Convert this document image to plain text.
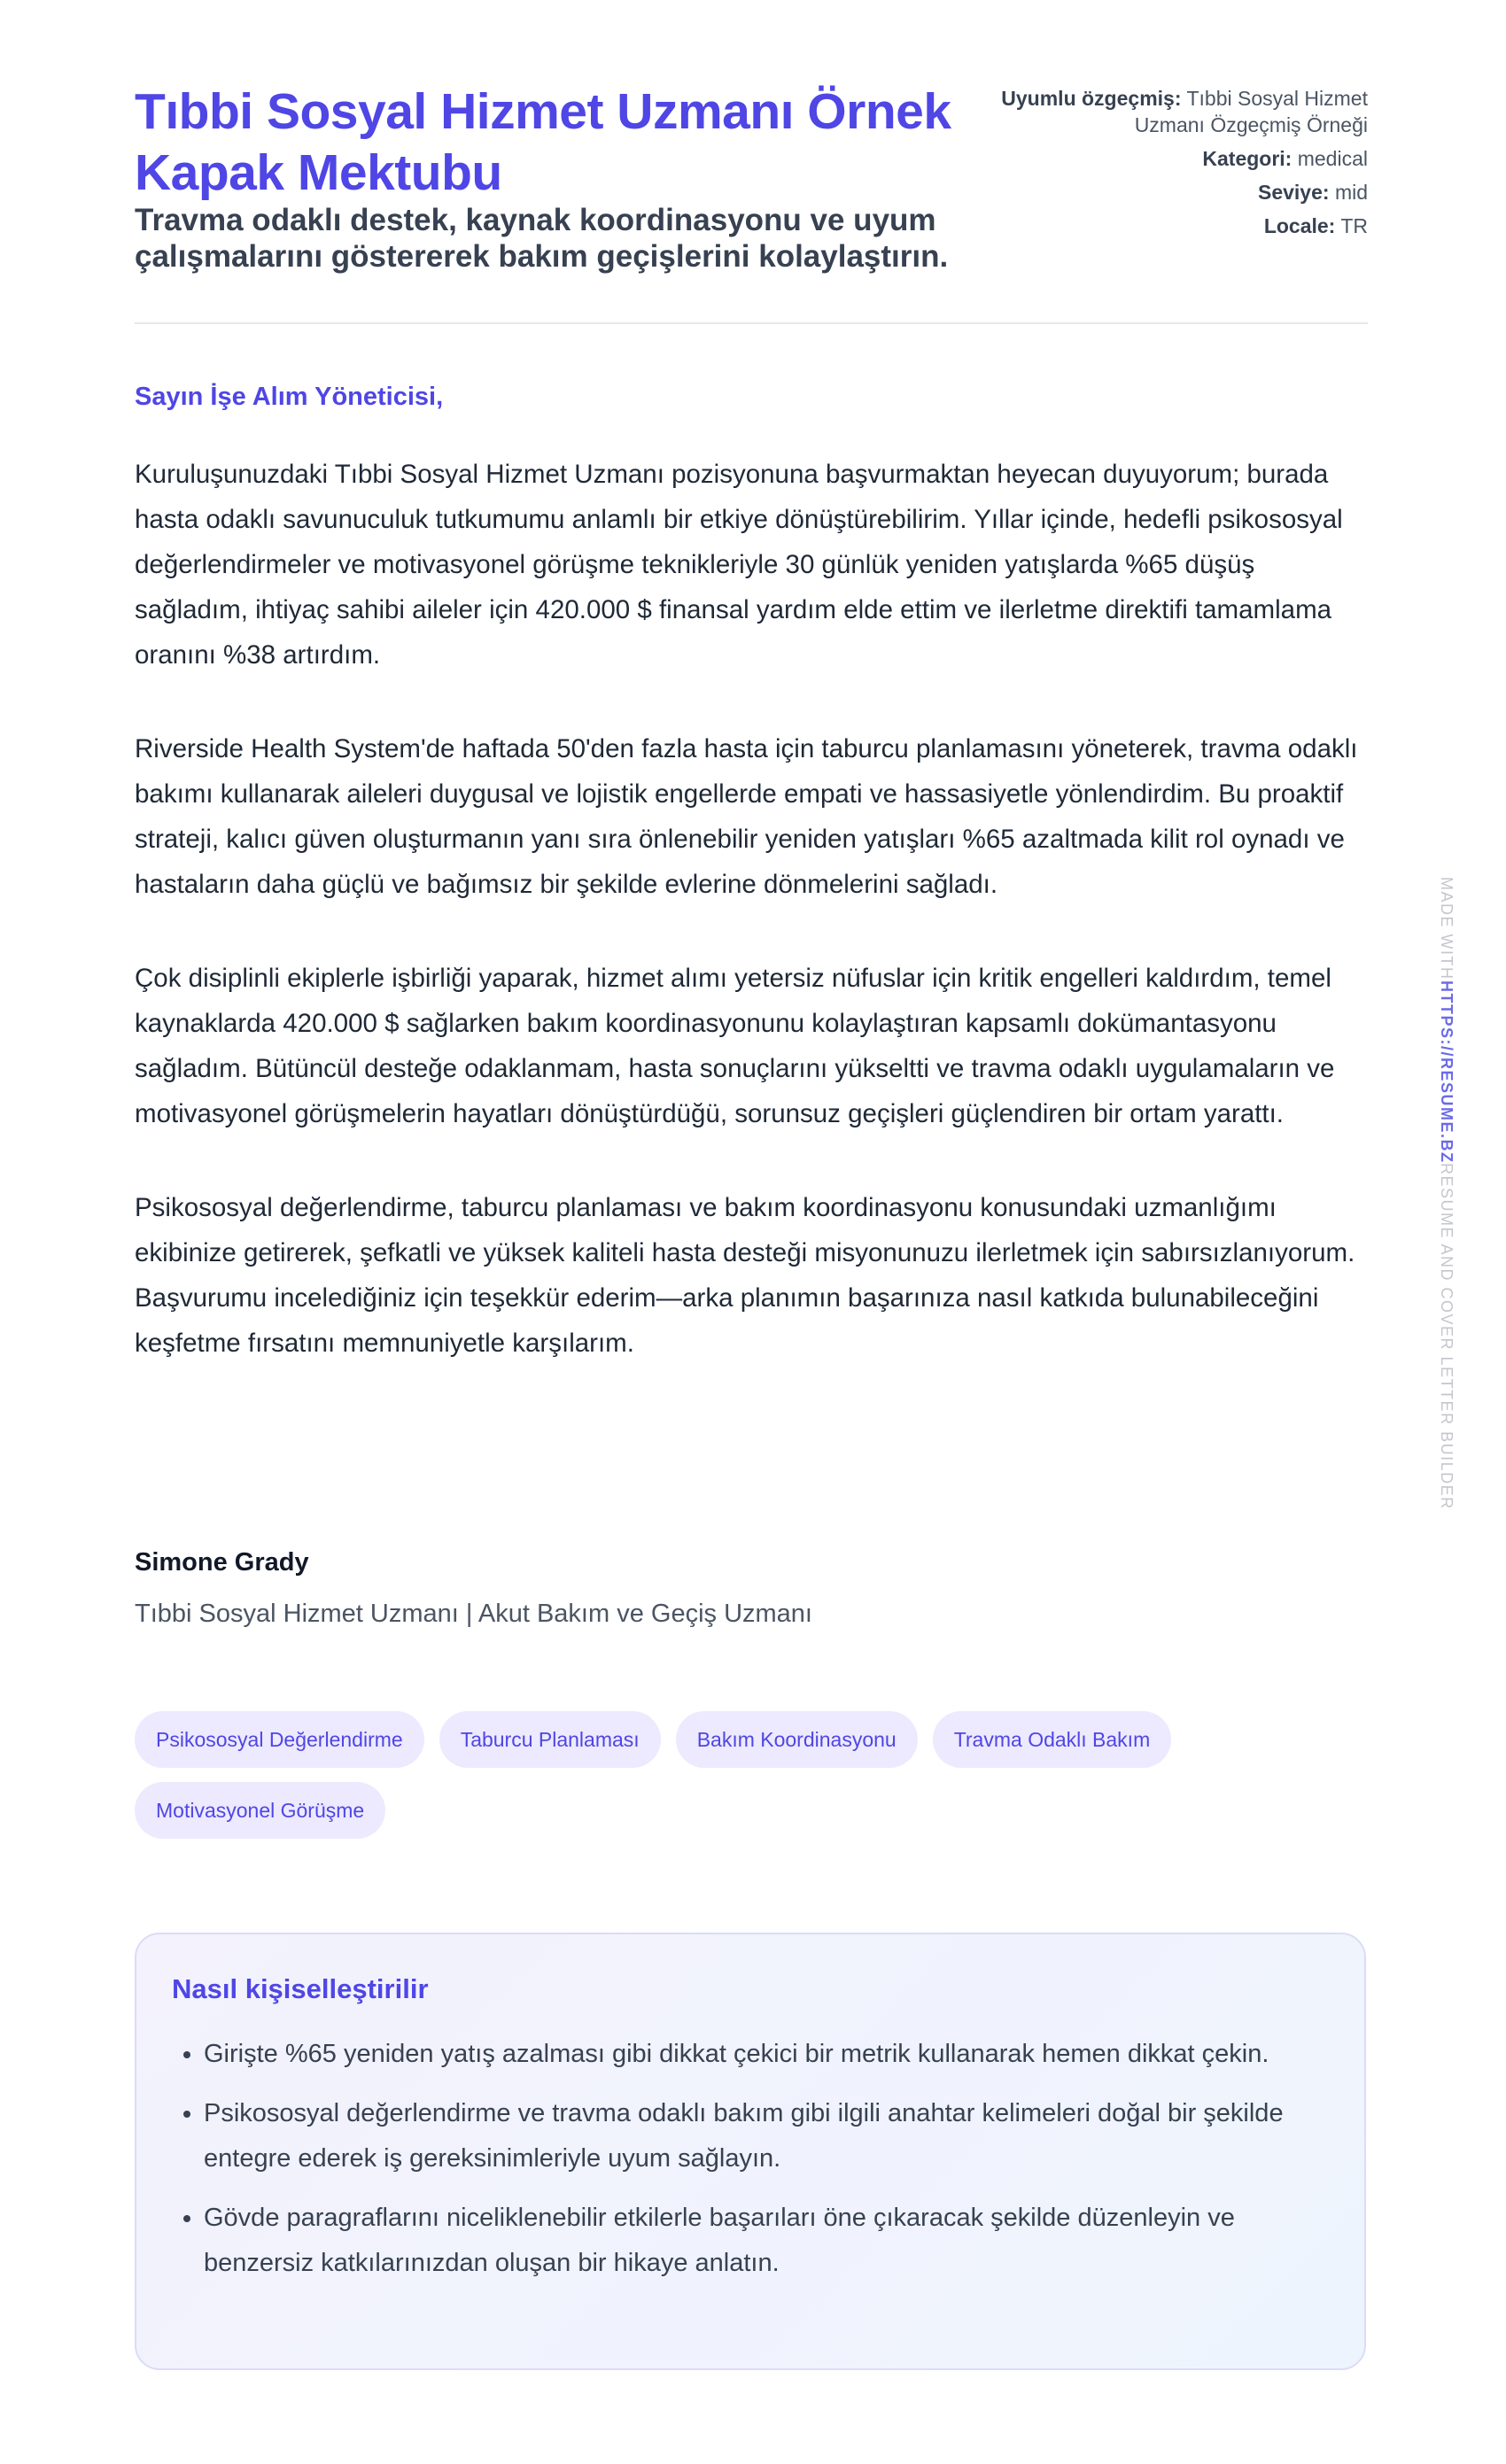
Tıbbi Sosyal Hizmet Uzmanı Örnek Kapak Mektubu

Travma odaklı destek, kaynak koordinasyonu ve uyum çalışmalarını göstererek bakım geçişlerini kolaylaştırın.

Uyumlu özgeçmiş: Tıbbi Sosyal Hizmet Uzmanı Özgeçmiş Örneği
Kategori: medical
Seviye: mid
Locale: TR
Sayın İşe Alım Yöneticisi,

Kuruluşunuzdaki Tıbbi Sosyal Hizmet Uzmanı pozisyonuna başvurmaktan heyecan duyuyorum; burada hasta odaklı savunuculuk tutkumumu anlamlı bir etkiye dönüştürebilirim. Yıllar içinde, hedefli psikososyal değerlendirmeler ve motivasyonel görüşme teknikleriyle 30 günlük yeniden yatışlarda %65 düşüş sağladım, ihtiyaç sahibi aileler için 420.000 $ finansal yardım elde ettim ve ilerletme direktifi tamamlama oranını %38 artırdım.

Riverside Health System'de haftada 50'den fazla hasta için taburcu planlamasını yöneterek, travma odaklı bakımı kullanarak aileleri duygusal ve lojistik engellerde empati ve hassasiyetle yönlendirdim. Bu proaktif strateji, kalıcı güven oluşturmanın yanı sıra önlenebilir yeniden yatışları %65 azaltmada kilit rol oynadı ve hastaların daha güçlü ve bağımsız bir şekilde evlerine dönmelerini sağladı.

Çok disiplinli ekiplerle işbirliği yaparak, hizmet alımı yetersiz nüfuslar için kritik engelleri kaldırdım, temel kaynaklarda 420.000 $ sağlarken bakım koordinasyonunu kolaylaştıran kapsamlı dokümantasyonu sağladım. Bütüncül desteğe odaklanmam, hasta sonuçlarını yükseltti ve travma odaklı uygulamaların ve motivasyonel görüşmelerin hayatları dönüştürdüğü, sorunsuz geçişleri güçlendiren bir ortam yarattı.

Psikososyal değerlendirme, taburcu planlaması ve bakım koordinasyonu konusundaki uzmanlığımı ekibinize getirerek, şefkatli ve yüksek kaliteli hasta desteği misyonunuzu ilerletmek için sabırsızlanıyorum. Başvurumu incelediğiniz için teşekkür ederim—arka planımın başarınıza nasıl katkıda bulunabileceğini keşfetme fırsatını memnuniyetle karşılarım.

Simone Grady
Tıbbi Sosyal Hizmet Uzmanı | Akut Bakım ve Geçiş Uzmanı
Psikososyal Değerlendirme	Taburcu Planlaması	Bakım Koordinasyonu	Travma Odaklı Bakım
Motivasyonel Görüşme
Nasıl kişiselleştirilir
• Girişte %65 yeniden yatış azalması gibi dikkat çekici bir metrik kullanarak hemen dikkat çekin.
• Psikososyal değerlendirme ve travma odaklı bakım gibi ilgili anahtar kelimeleri doğal bir şekilde entegre ederek iş gereksinimleriyle uyum sağlayın.
• Gövde paragraflarını niceliklenebilir etkilerle başarıları öne çıkaracak şekilde düzenleyin ve benzersiz katkılarınızdan oluşan bir hikaye anlatın.
MADE WITHHTTPS://RESUME.BZRESUME AND COVER LETTER BUILDER
